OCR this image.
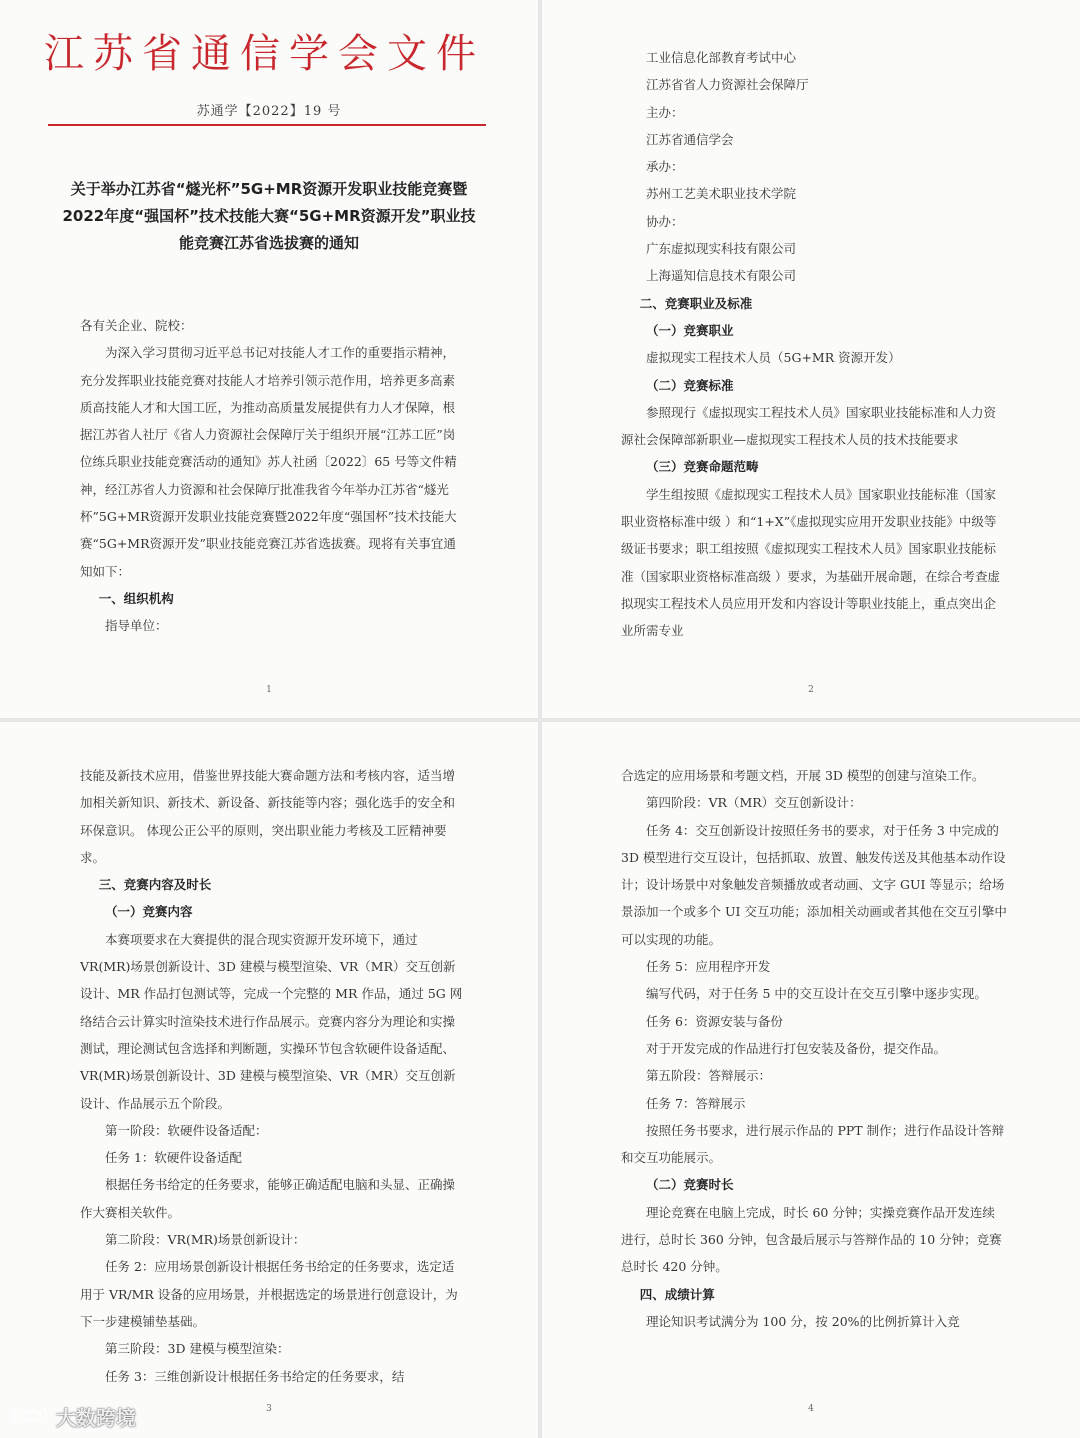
江苏省通信学会文件
苏通学【2022】19 号
关于举办江苏省“燧光杯”5G+MR资源开发职业技能竞赛暨2022年度“强国杯”技术技能大赛“5G+MR资源开发”职业技能竞赛江苏省选拔赛的通知

各有关企业、院校：

为深入学习贯彻习近平总书记对技能人才工作的重要指示精神，充分发挥职业技能竞赛对技能人才培养引领示范作用，培养更多高素质高技能人才和大国工匠，为推动高质量发展提供有力人才保障，根据江苏省人社厅《省人力资源社会保障厅关于组织开展“江苏工匠”岗位练兵职业技能竞赛活动的通知》苏人社函〔2022〕65 号等文件精神，经江苏省人力资源和社会保障厅批准我省今年举办江苏省“燧光杯”5G+MR资源开发职业技能竞赛暨2022年度“强国杯”技术技能大赛“5G+MR资源开发”职业技能竞赛江苏省选拔赛。现将有关事宜通知如下：

一、组织机构

指导单位：

1

工业信息化部教育考试中心

江苏省省人力资源社会保障厅

主办：

江苏省通信学会

承办：

苏州工艺美术职业技术学院

协办：

广东虚拟现实科技有限公司

上海遥知信息技术有限公司

二、竞赛职业及标准

（一）竞赛职业

虚拟现实工程技术人员（5G+MR 资源开发）

（二）竞赛标准

参照现行《虚拟现实工程技术人员》国家职业技能标准和人力资源社会保障部新职业—虚拟现实工程技术人员的技术技能要求

（三）竞赛命题范畴

学生组按照《虚拟现实工程技术人员》国家职业技能标准（国家职业资格标准中级 ）和“1+X”《虚拟现实应用开发职业技能》中级等级证书要求；职工组按照《虚拟现实工程技术人员》国家职业技能标准（国家职业资格标准高级 ）要求，为基础开展命题，在综合考查虚拟现实工程技术人员应用开发和内容设计等职业技能上，重点突出企业所需专业

2

技能及新技术应用，借鉴世界技能大赛命题方法和考核内容，适当增加相关新知识、新技术、新设备、新技能等内容；强化选手的安全和环保意识。 体现公正公平的原则，突出职业能力考核及工匠精神要求。

三、竞赛内容及时长

（一）竞赛内容

本赛项要求在大赛提供的混合现实资源开发环境下，通过 VR(MR)场景创新设计、3D 建模与模型渲染、VR（MR）交互创新设计、MR 作品打包测试等，完成一个完整的 MR 作品，通过 5G 网络结合云计算实时渲染技术进行作品展示。竞赛内容分为理论和实操测试，理论测试包含选择和判断题，实操环节包含软硬件设备适配、 VR(MR)场景创新设计、3D 建模与模型渲染、VR（MR）交互创新设计、作品展示五个阶段。

第一阶段：软硬件设备适配：

任务 1：软硬件设备适配

根据任务书给定的任务要求，能够正确适配电脑和头显、正确操作大赛相关软件。

第二阶段：VR(MR)场景创新设计：

任务 2：应用场景创新设计根据任务书给定的任务要求，选定适用于 VR/MR 设备的应用场景，并根据选定的场景进行创意设计，为下一步建模铺垫基础。

第三阶段：3D 建模与模型渲染：

任务 3：三维创新设计根据任务书给定的任务要求，结

3

合选定的应用场景和考题文档，开展 3D 模型的创建与渲染工作。

第四阶段：VR（MR）交互创新设计：

任务 4：交互创新设计按照任务书的要求，对于任务 3 中完成的 3D 模型进行交互设计，包括抓取、放置、触发传送及其他基本动作设计；设计场景中对象触发音频播放或者动画、文字 GUI 等显示；给场景添加一个或多个 UI 交互功能；添加相关动画或者其他在交互引擎中可以实现的功能。

任务 5：应用程序开发

编写代码，对于任务 5 中的交互设计在交互引擎中逐步实现。

任务 6：资源安装与备份

对于开发完成的作品进行打包安装及备份，提交作品。

第五阶段：答辩展示：

任务 7：答辩展示

按照任务书要求，进行展示作品的 PPT 制作；进行作品设计答辩和交互功能展示。

（二）竞赛时长

理论竞赛在电脑上完成，时长 60 分钟；实操竞赛作品开发连续进行，总时长 360 分钟，包含最后展示与答辩作品的 10 分钟；竞赛总时长 420 分钟。

四、成绩计算

理论知识考试满分为 100 分，按 20%的比例折算计入竞

4
大数跨境
